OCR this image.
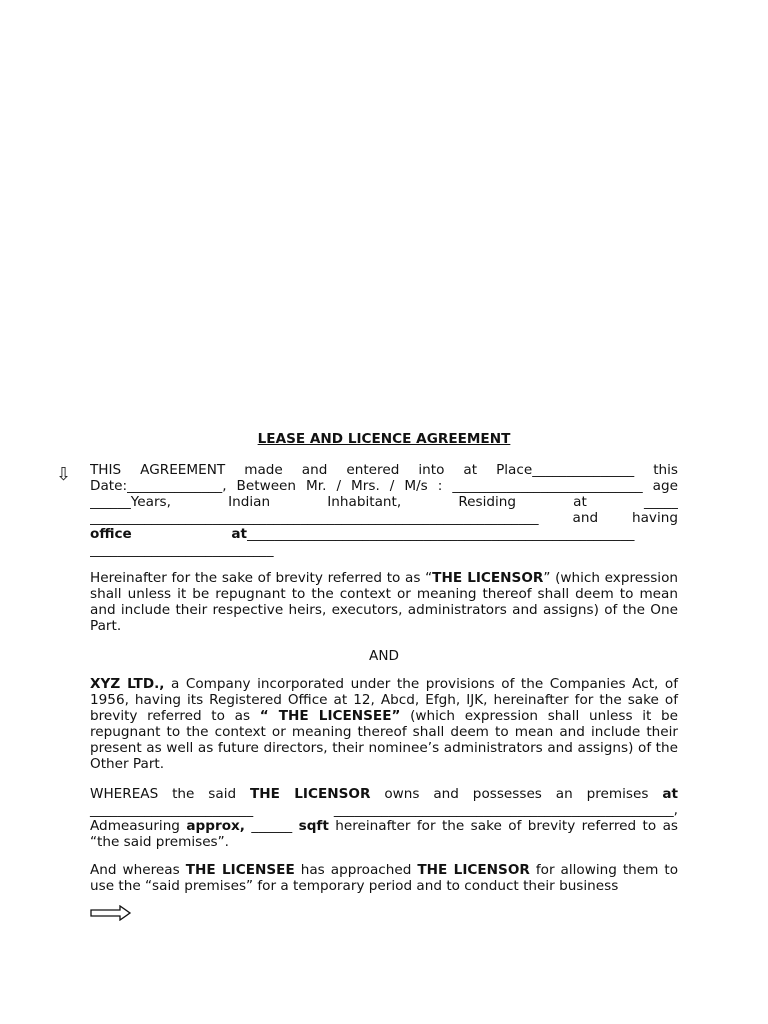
LEASE AND LICENCE AGREEMENT
⇩ THIS AGREEMENT made and entered into at Place_______________ this
Date:______________, Between Mr. / Mrs. / M/s : ____________________________ age
______Years, Indian Inhabitant, Residing at _____
__________________________________________________________________ and having
office at _________________________________________________________
___________________________

Hereinafter for the sake of brevity referred to as “THE LICENSOR” (which expression shall unless it be repugnant to the context or meaning thereof shall deem to mean and include their respective heirs, executors, administrators and assigns) of the One Part.

AND

XYZ LTD., a Company incorporated under the provisions of the Companies Act, of 1956, having its Registered Office at 12, Abcd, Efgh, IJK, hereinafter for the sake of brevity referred to as “ THE LICENSEE” (which expression shall unless it be repugnant to the context or meaning thereof shall deem to mean and include their present as well as future directors, their nominee’s administrators and assigns) of the Other Part.

WHEREAS the said THE LICENSOR owns and possesses an premises at ________________________ __________________________________________________, Admeasuring approx, ______ sqft hereinafter for the sake of brevity referred to as “the said premises”.

And whereas THE LICENSEE has approached THE LICENSOR for allowing them to use the “said premises” for a temporary period and to conduct their business
